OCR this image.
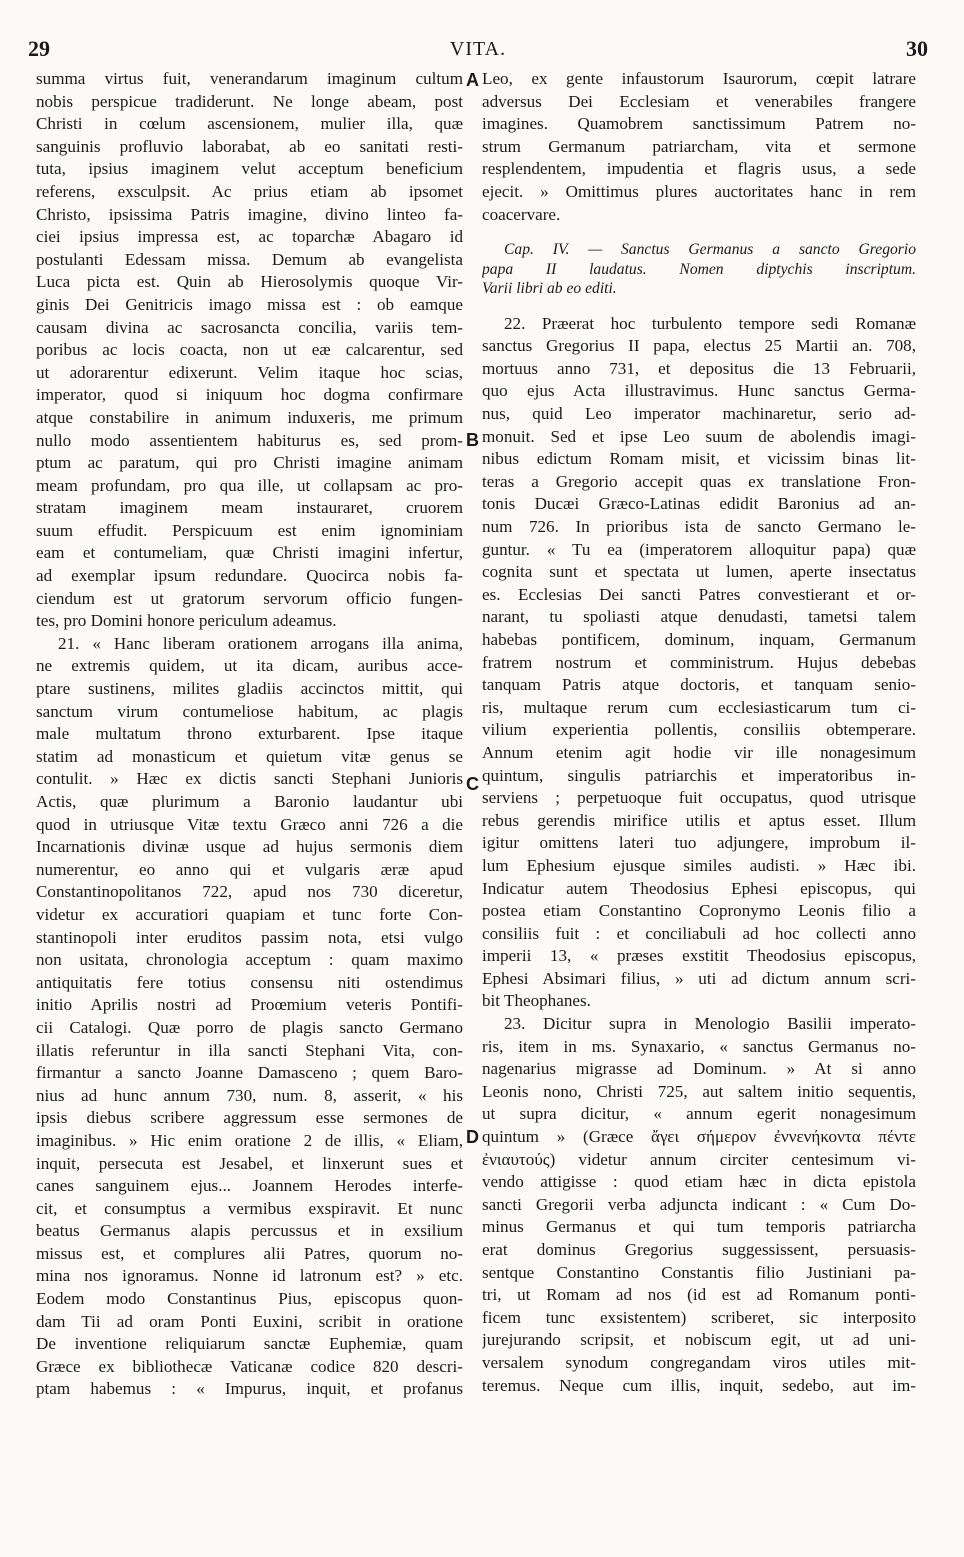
29	VITA.	30
summa virtus fuit, venerandarum imaginum cultum
nobis perspicue tradiderunt. Ne longe abeam, post
Christi in cœlum ascensionem, mulier illa, quæ
sanguinis profluvio laborabat, ab eo sanitati resti-
tuta, ipsius imaginem velut acceptum beneficium
referens, exsculpsit. Ac prius etiam ab ipsomet
Christo, ipsissima Patris imagine, divino linteo fa-
ciei ipsius impressa est, ac toparchæ Abagaro id
postulanti Edessam missa. Demum ab evangelista
Luca picta est. Quin ab Hierosolymis quoque Vir-
ginis Dei Genitricis imago missa est : ob eamque
causam divina ac sacrosancta concilia, variis tem-
poribus ac locis coacta, non ut eæ calcarentur, sed
ut adorarentur edixerunt. Velim itaque hoc scias,
imperator, quod si iniquum hoc dogma confirmare
atque constabilire in animum induxeris, me primum
nullo modo assentientem habiturus es, sed prom-
ptum ac paratum, qui pro Christi imagine animam
meam profundam, pro qua ille, ut collapsam ac pro-
stratam imaginem meam instauraret, cruorem
suum effudit. Perspicuum est enim ignominiam
eam et contumeliam, quæ Christi imagini infertur,
ad exemplar ipsum redundare. Quocirca nobis fa-
ciendum est ut gratorum servorum officio fungen-
tes, pro Domini honore periculum adeamus.
21. « Hanc liberam orationem arrogans illa anima,
ne extremis quidem, ut ita dicam, auribus acce-
ptare sustinens, milites gladiis accinctos mittit, qui
sanctum virum contumeliose habitum, ac plagis
male multatum throno exturbarent. Ipse itaque
statim ad monasticum et quietum vitæ genus se
contulit. » Hæc ex dictis sancti Stephani Junioris
Actis, quæ plurimum a Baronio laudantur ubi
quod in utriusque Vitæ textu Græco anni 726 a die
Incarnationis divinæ usque ad hujus sermonis diem
numerentur, eo anno qui et vulgaris æræ apud
Constantinopolitanos 722, apud nos 730 diceretur,
videtur ex accuratiori quapiam et tunc forte Con-
stantinopoli inter eruditos passim nota, etsi vulgo
non usitata, chronologia acceptum : quam maximo
antiquitatis fere totius consensu niti ostendimus
initio Aprilis nostri ad Proœmium veteris Pontifi-
cii Catalogi. Quæ porro de plagis sancto Germano
illatis referuntur in illa sancti Stephani Vita, con-
firmantur a sancto Joanne Damasceno ; quem Baro-
nius ad hunc annum 730, num. 8, asserit, « his
ipsis diebus scribere aggressum esse sermones de
imaginibus. » Hic enim oratione 2 de illis, « Eliam,
inquit, persecuta est Jesabel, et linxerunt sues et
canes sanguinem ejus... Joannem Herodes interfe-
cit, et consumptus a vermibus exspiravit. Et nunc
beatus Germanus alapis percussus et in exsilium
missus est, et complures alii Patres, quorum no-
mina nos ignoramus. Nonne id latronum est? » etc.
Eodem modo Constantinus Pius, episcopus quon-
dam Tii ad oram Ponti Euxini, scribit in oratione
De inventione reliquiarum sanctæ Euphemiæ, quam
Græce ex bibliothecæ Vaticanæ codice 820 descri-
ptam habemus : « Impurus, inquit, et profanus
Leo, ex gente infaustorum Isaurorum, cœpit latrare
adversus Dei Ecclesiam et venerabiles frangere
imagines. Quamobrem sanctissimum Patrem no-
strum Germanum patriarcham, vita et sermone
resplendentem, impudentia et flagris usus, a sede
ejecit. » Omittimus plures auctoritates hanc in rem
coacervare.
Cap. IV. — Sanctus Germanus a sancto Gregorio
papa II laudatus. Nomen diptychis inscriptum.
Varii libri ab eo editi.
22. Præerat hoc turbulento tempore sedi Romanæ
sanctus Gregorius II papa, electus 25 Martii an. 708,
mortuus anno 731, et depositus die 13 Februarii,
quo ejus Acta illustravimus. Hunc sanctus Germa-
nus, quid Leo imperator machinaretur, serio ad-
monuit. Sed et ipse Leo suum de abolendis imagi-
nibus edictum Romam misit, et vicissim binas lit-
teras a Gregorio accepit quas ex translatione Fron-
tonis Ducæi Græco-Latinas edidit Baronius ad an-
num 726. In prioribus ista de sancto Germano le-
guntur. « Tu ea (imperatorem alloquitur papa) quæ
cognita sunt et spectata ut lumen, aperte insectatus
es. Ecclesias Dei sancti Patres convestierant et or-
narant, tu spoliasti atque denudasti, tametsi talem
habebas pontificem, dominum, inquam, Germanum
fratrem nostrum et comministrum. Hujus debebas
tanquam Patris atque doctoris, et tanquam senio-
ris, multaque rerum cum ecclesiasticarum tum ci-
vilium experientia pollentis, consiliis obtemperare.
Annum etenim agit hodie vir ille nonagesimum
quintum, singulis patriarchis et imperatoribus in-
serviens ; perpetuoque fuit occupatus, quod utrisque
rebus gerendis mirifice utilis et aptus esset. Illum
igitur omittens lateri tuo adjungere, improbum il-
lum Ephesium ejusque similes audisti. » Hæc ibi.
Indicatur autem Theodosius Ephesi episcopus, qui
postea etiam Constantino Copronymo Leonis filio a
consiliis fuit : et conciliabuli ad hoc collecti anno
imperii 13, « præses exstitit Theodosius episcopus,
Ephesi Absimari filius, » uti ad dictum annum scri-
bit Theophanes.
23. Dicitur supra in Menologio Basilii imperato-
ris, item in ms. Synaxario, « sanctus Germanus no-
nagenarius migrasse ad Dominum. » At si anno
Leonis nono, Christi 725, aut saltem initio sequentis,
ut supra dicitur, « annum egerit nonagesimum
quintum » (Græce ἄγει σήμερον ἐννενήκοντα πέντε
ἐνιαυτούς) videtur annum circiter centesimum vi-
vendo attigisse : quod etiam hæc in dicta epistola
sancti Gregorii verba adjuncta indicant : « Cum Do-
minus Germanus et qui tum temporis patriarcha
erat dominus Gregorius suggessissent, persuasis-
sentque Constantino Constantis filio Justiniani pa-
tri, ut Romam ad nos (id est ad Romanum ponti-
ficem tunc exsistentem) scriberet, sic interposito
jurejurando scripsit, et nobiscum egit, ut ad uni-
versalem synodum congregandam viros utiles mit-
teremus. Neque cum illis, inquit, sedebo, aut im-
A
B
C
D
